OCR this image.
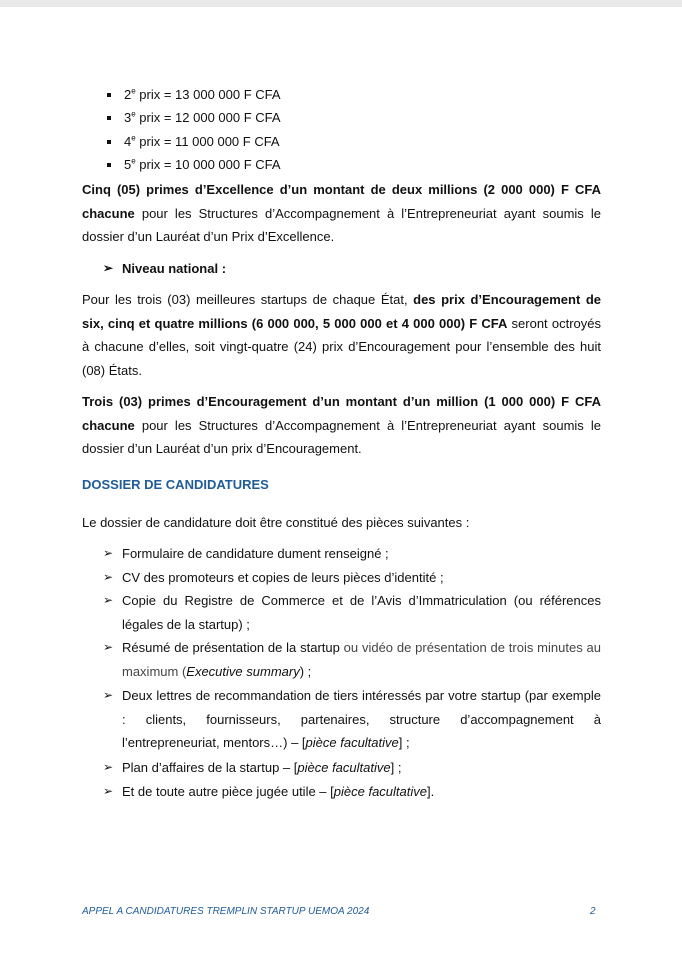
2e prix = 13 000 000 F CFA
3e prix = 12 000 000 F CFA
4e prix = 11 000 000 F CFA
5e prix = 10 000 000 F CFA
Cinq (05) primes d’Excellence d’un montant de deux millions (2 000 000) F CFA chacune pour les Structures d’Accompagnement à l’Entrepreneuriat ayant soumis le dossier d’un Lauréat d’un Prix d’Excellence.
➢ Niveau national :
Pour les trois (03) meilleures startups de chaque État, des prix d’Encouragement de six, cinq et quatre millions (6 000 000, 5 000 000 et 4 000 000) F CFA seront octroyés à chacune d’elles, soit vingt-quatre (24) prix d’Encouragement pour l’ensemble des huit (08) États.
Trois (03) primes d’Encouragement d’un montant d’un million (1 000 000) F CFA chacune pour les Structures d’Accompagnement à l’Entrepreneuriat ayant soumis le dossier d’un Lauréat d’un prix d’Encouragement.
DOSSIER DE CANDIDATURES
Le dossier de candidature doit être constitué des pièces suivantes :
➢ Formulaire de candidature dument renseigné ;
➢ CV des promoteurs et copies de leurs pièces d’identité ;
➢ Copie du Registre de Commerce et de l’Avis d’Immatriculation (ou références légales de la startup) ;
➢ Résumé de présentation de la startup ou vidéo de présentation de trois minutes au maximum (Executive summary) ;
➢ Deux lettres de recommandation de tiers intéressés par votre startup (par exemple : clients, fournisseurs, partenaires, structure d’accompagnement à l’entrepreneuriat, mentors…) – [pièce facultative] ;
➢ Plan d’affaires de la startup – [pièce facultative] ;
➢ Et de toute autre pièce jugée utile – [pièce facultative].
APPEL A CANDIDATURES TREMPLIN STARTUP UEMOA 2024	2
